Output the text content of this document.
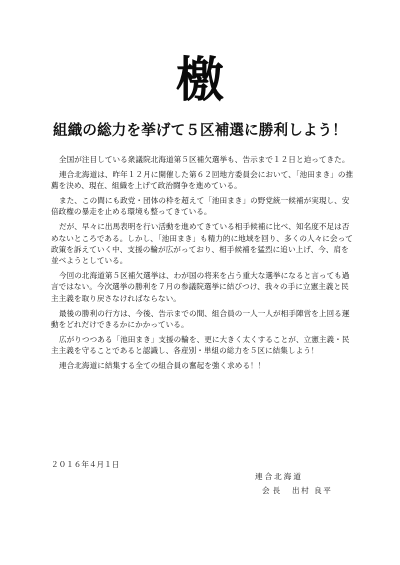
檄
組織の総力を挙げて５区補選に勝利しよう！

全国が注目している衆議院北海道第５区補欠選挙も、告示まで１２日と迫ってきた。

連合北海道は、昨年１２月に開催した第６２回地方委員会において、「池田まき」の推薦を決め、現在、組織を上げて政治闘争を進めている。

また、この間にも政党・団体の枠を超えて「池田まき」の野党統一候補が実現し、安倍政権の暴走を止める環境も整ってきている。

だが、早々に出馬表明を行い活動を進めてきている相手候補に比べ、知名度不足は否めないところである。しかし、「池田まき」も精力的に地域を回り、多くの人々に会って政策を訴えていく中、支援の輪が広がっており、相手候補を猛烈に追い上げ、今、肩を並べようとしている。

今回の北海道第５区補欠選挙は、わが国の将来を占う重大な選挙になると言っても過言ではない。今次選挙の勝利を７月の参議院選挙に結びつけ、我々の手に立憲主義と民主主義を取り戻さなければならない。

最後の勝利の行方は、今後、告示までの間、組合員の一人一人が相手陣営を上回る運動をどれだけできるかにかかっている。

広がりつつある「池田まき」支援の輪を、更に大きく太くすることが、立憲主義・民主主義を守ることであると認識し、各産別・単組の総力を５区に結集しよう！

連合北海道に結集する全ての組合員の奮起を強く求める！！

２０１６年４月１日
連合北海道
会長 出村 良平
